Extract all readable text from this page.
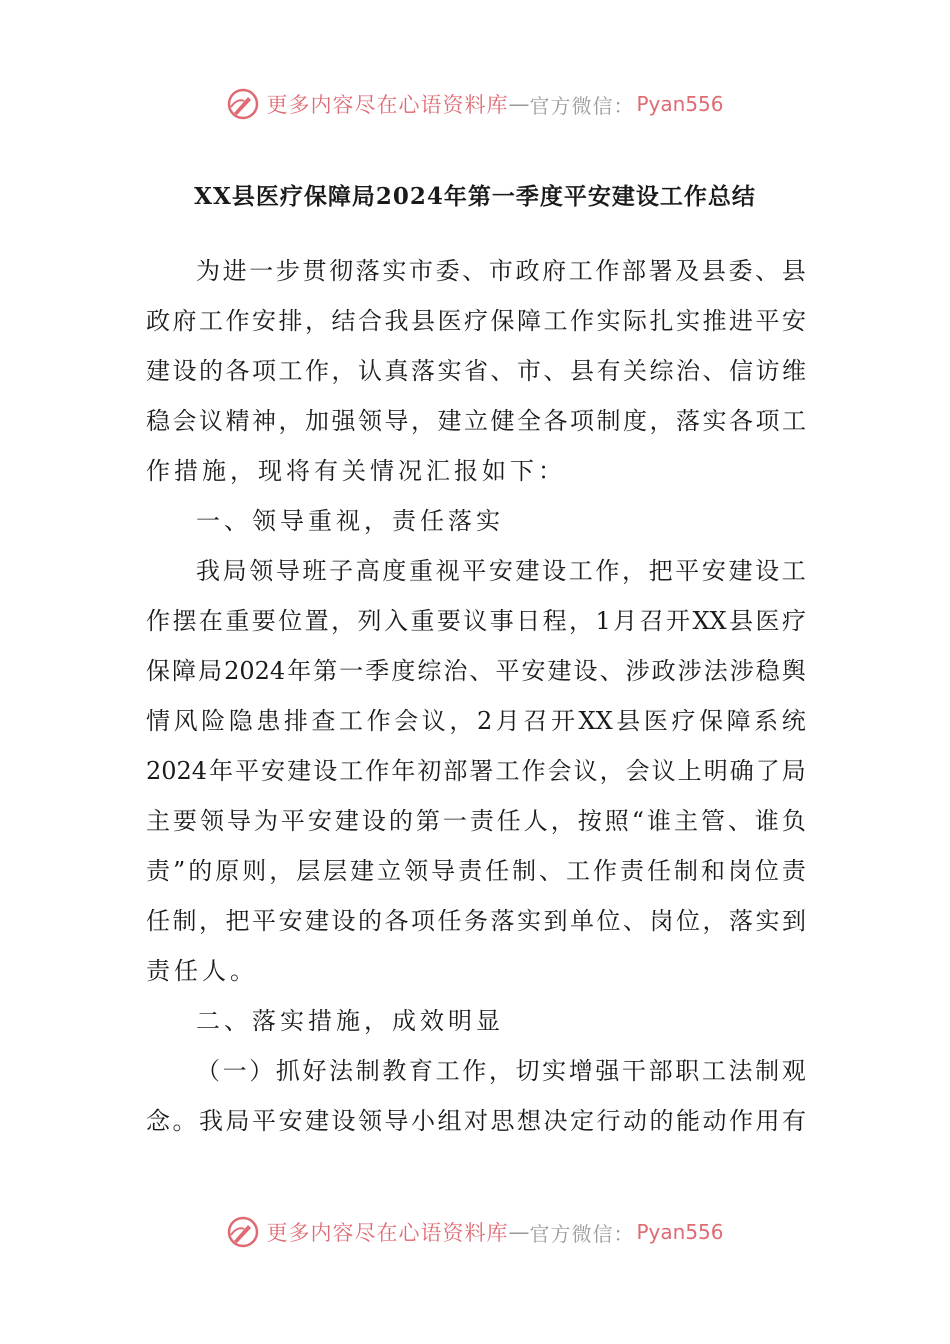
更多内容尽在心语资料库 — 官方微信： Pyan556
XX县医疗保障局2024年第一季度平安建设工作总结
为 进 一 步 贯 彻 落 实 市 委 、 市 政 府 工 作 部 署 及 县 委 、 县
政 府 工 作 安 排 ， 结 合 我 县 医 疗 保 障 工 作 实 际 扎 实 推 进 平 安
建 设 的 各 项 工 作 ， 认 真 落 实 省 、 市 、 县 有 关 综 治 、 信 访 维
稳 会 议 精 神 ， 加 强 领 导 ， 建 立 健 全 各 项 制 度 ， 落 实 各 项 工
作措施，现将有关情况汇报如下：
一、领导重视，责任落实
我 局 领 导 班 子 高 度 重 视 平 安 建 设 工 作 ， 把 平 安 建 设 工
作 摆 在 重 要 位 置 ， 列 入 重 要 议 事 日 程 ， 1 月 召 开 XX 县 医 疗
保 障 局 2024 年 第 一 季 度 综 治 、 平 安 建 设 、 涉 政 涉 法 涉 稳 舆
情 风 险 隐 患 排 查 工 作 会 议 ， 2 月 召 开 XX 县 医 疗 保 障 系 统
2024 年 平 安 建 设 工 作 年 初 部 署 工 作 会 议 ， 会 议 上 明 确 了 局
主 要 领 导 为 平 安 建 设 的 第 一 责 任 人 ， 按 照 “ 谁 主 管 、 谁 负
责 ” 的 原 则 ， 层 层 建 立 领 导 责 任 制 、 工 作 责 任 制 和 岗 位 责
任 制 ， 把 平 安 建 设 的 各 项 任 务 落 实 到 单 位 、 岗 位 ， 落 实 到
责任人。
二、落实措施，成效明显
（ 一 ） 抓 好 法 制 教 育 工 作 ， 切 实 增 强 干 部 职 工 法 制 观
念 。 我 局 平 安 建 设 领 导 小 组 对 思 想 决 定 行 动 的 能 动 作 用 有
更多内容尽在心语资料库 — 官方微信： Pyan556
